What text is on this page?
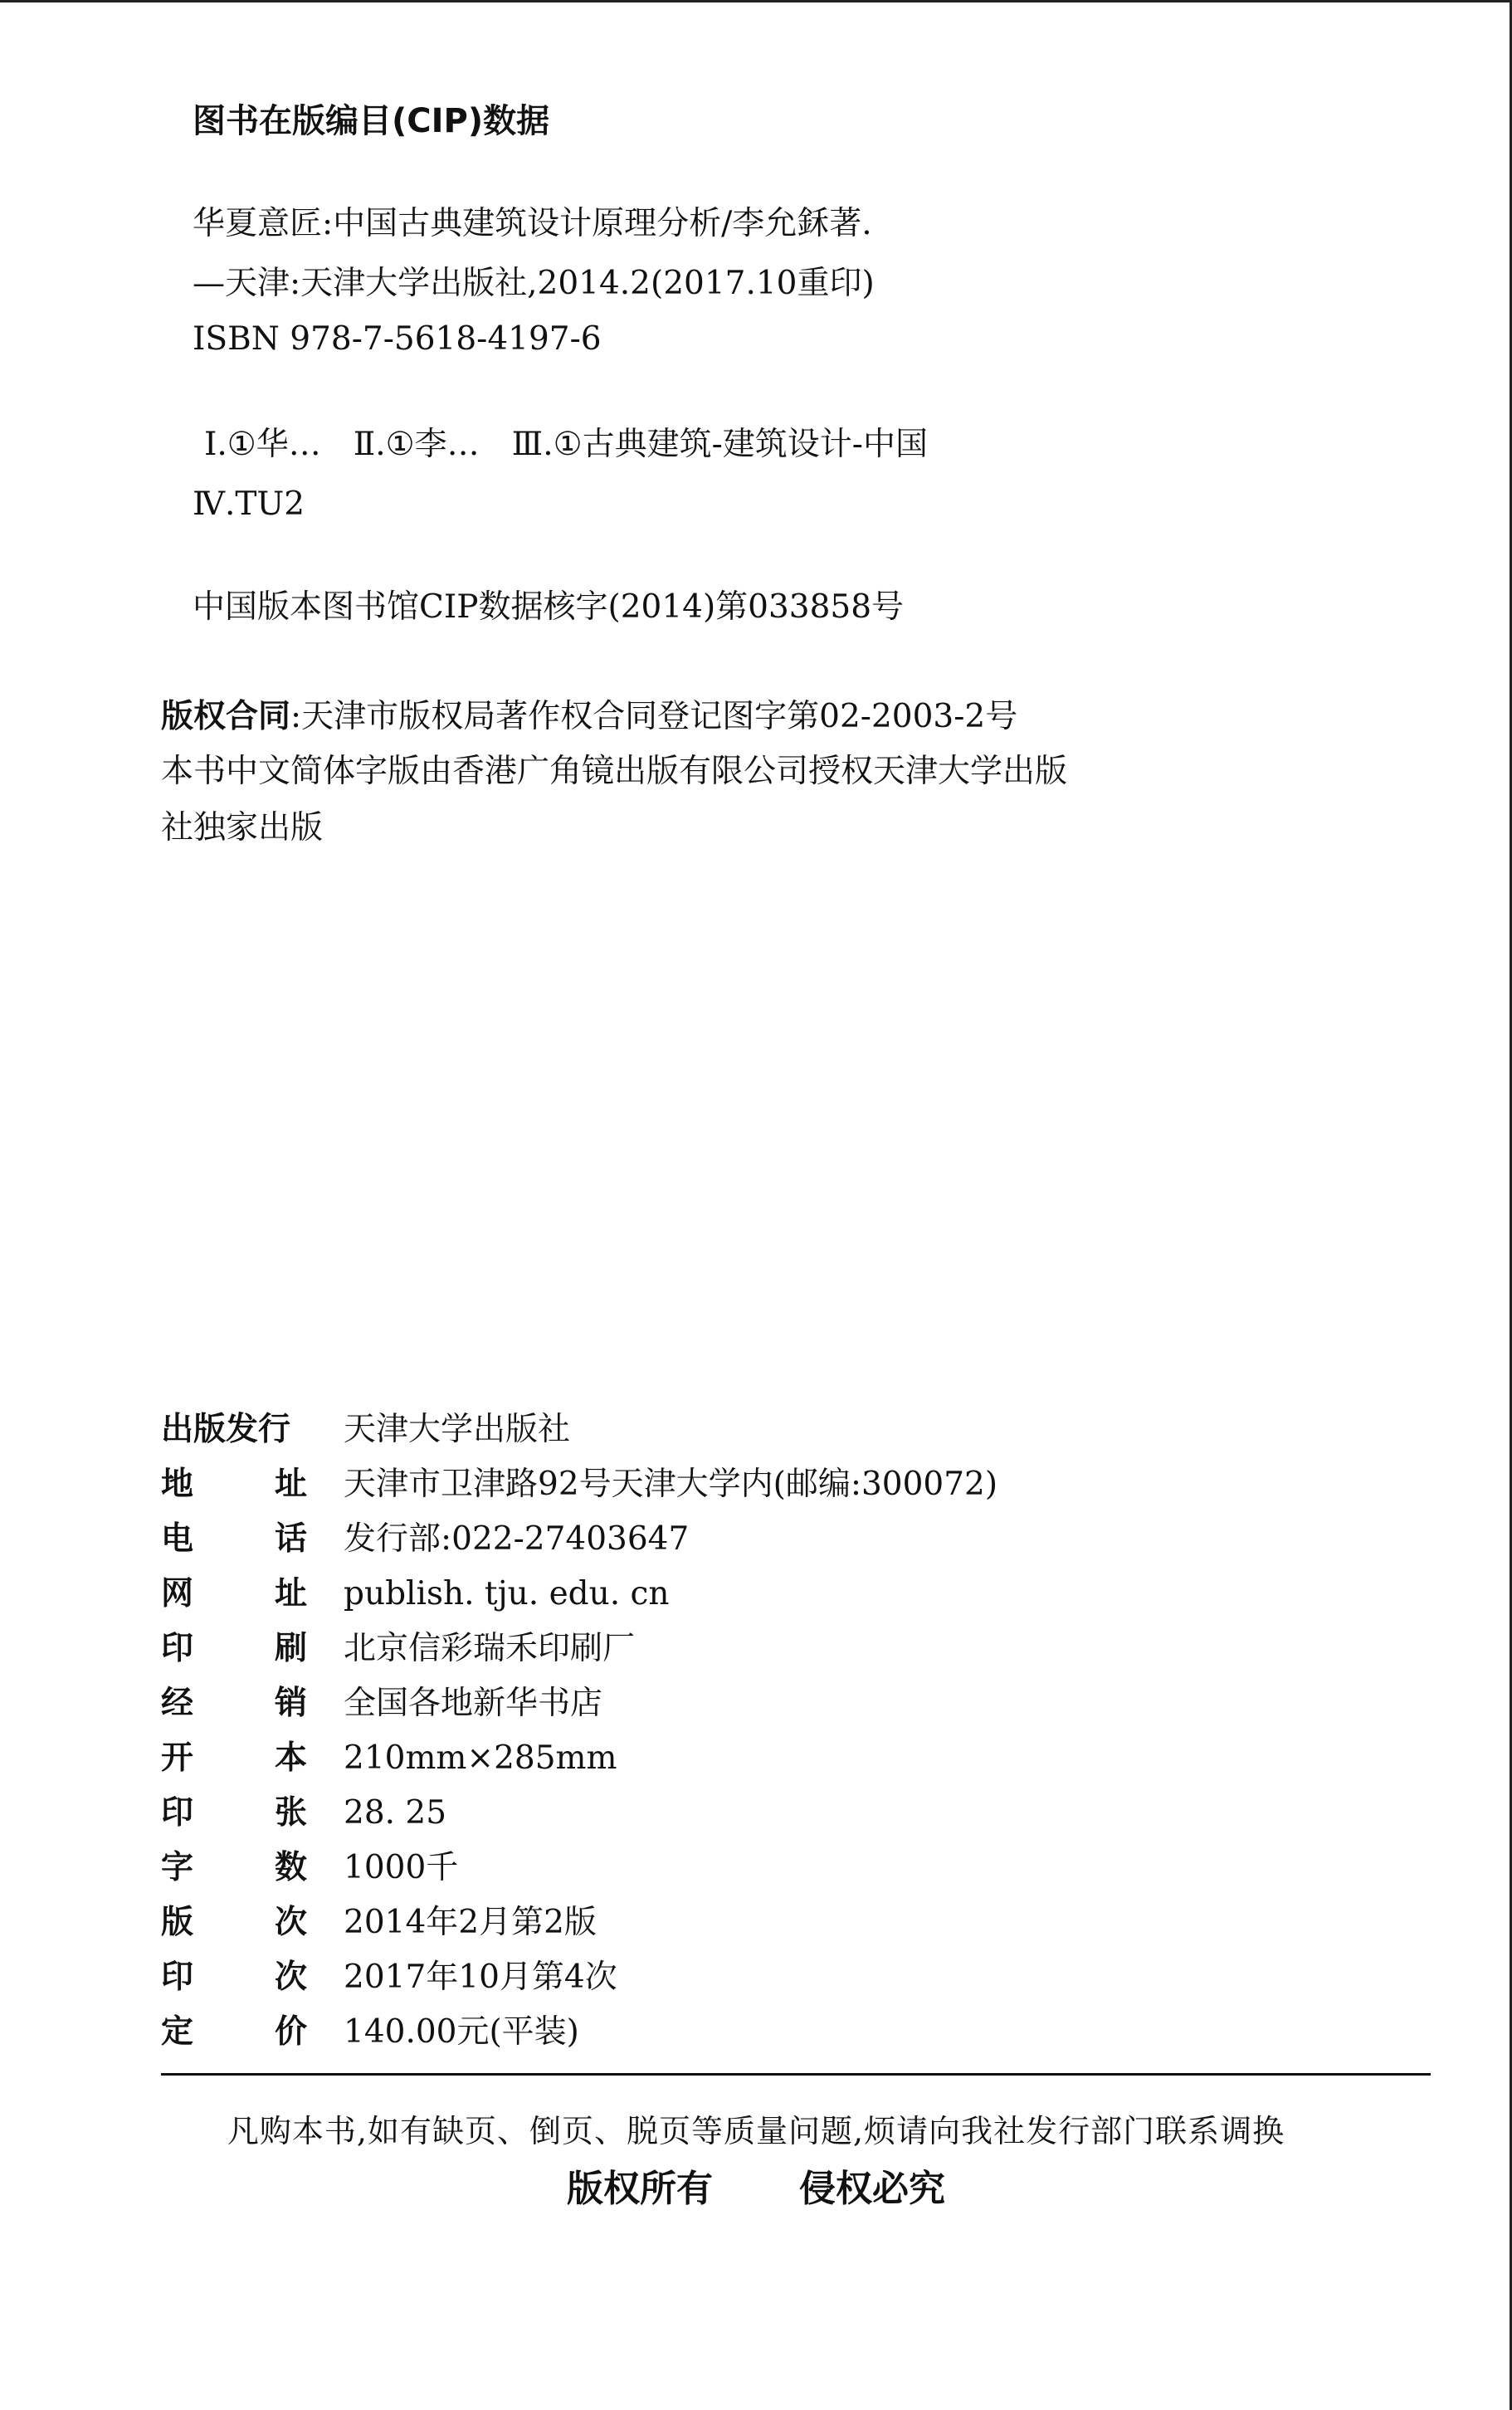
图书在版编目(CIP)数据
华夏意匠:中国古典建筑设计原理分析/李允鉌著.
—天津:天津大学出版社,2014.2(2017.10重印)
ISBN 978-7-5618-4197-6
Ⅰ.①华…　Ⅱ.①李…　Ⅲ.①古典建筑-建筑设计-中国
Ⅳ.TU2
中国版本图书馆CIP数据核字(2014)第033858号
版权合同:天津市版权局著作权合同登记图字第02-2003-2号
本书中文简体字版由香港广角镜出版有限公司授权天津大学出版
社独家出版
出版发行 天津大学出版社
地	址 天津市卫津路92号天津大学内(邮编:300072)
电	话 发行部:022-27403647
网	址 publish. tju. edu. cn
印	刷 北京信彩瑞禾印刷厂
经	销 全国各地新华书店
开	本 210mm×285mm
印	张 28. 25
字	数 1000千
版	次 2014年2月第2版
印	次 2017年10月第4次
定	价 140.00元(平装)
凡购本书,如有缺页、倒页、脱页等质量问题,烦请向我社发行部门联系调换
版权所有 侵权必究
